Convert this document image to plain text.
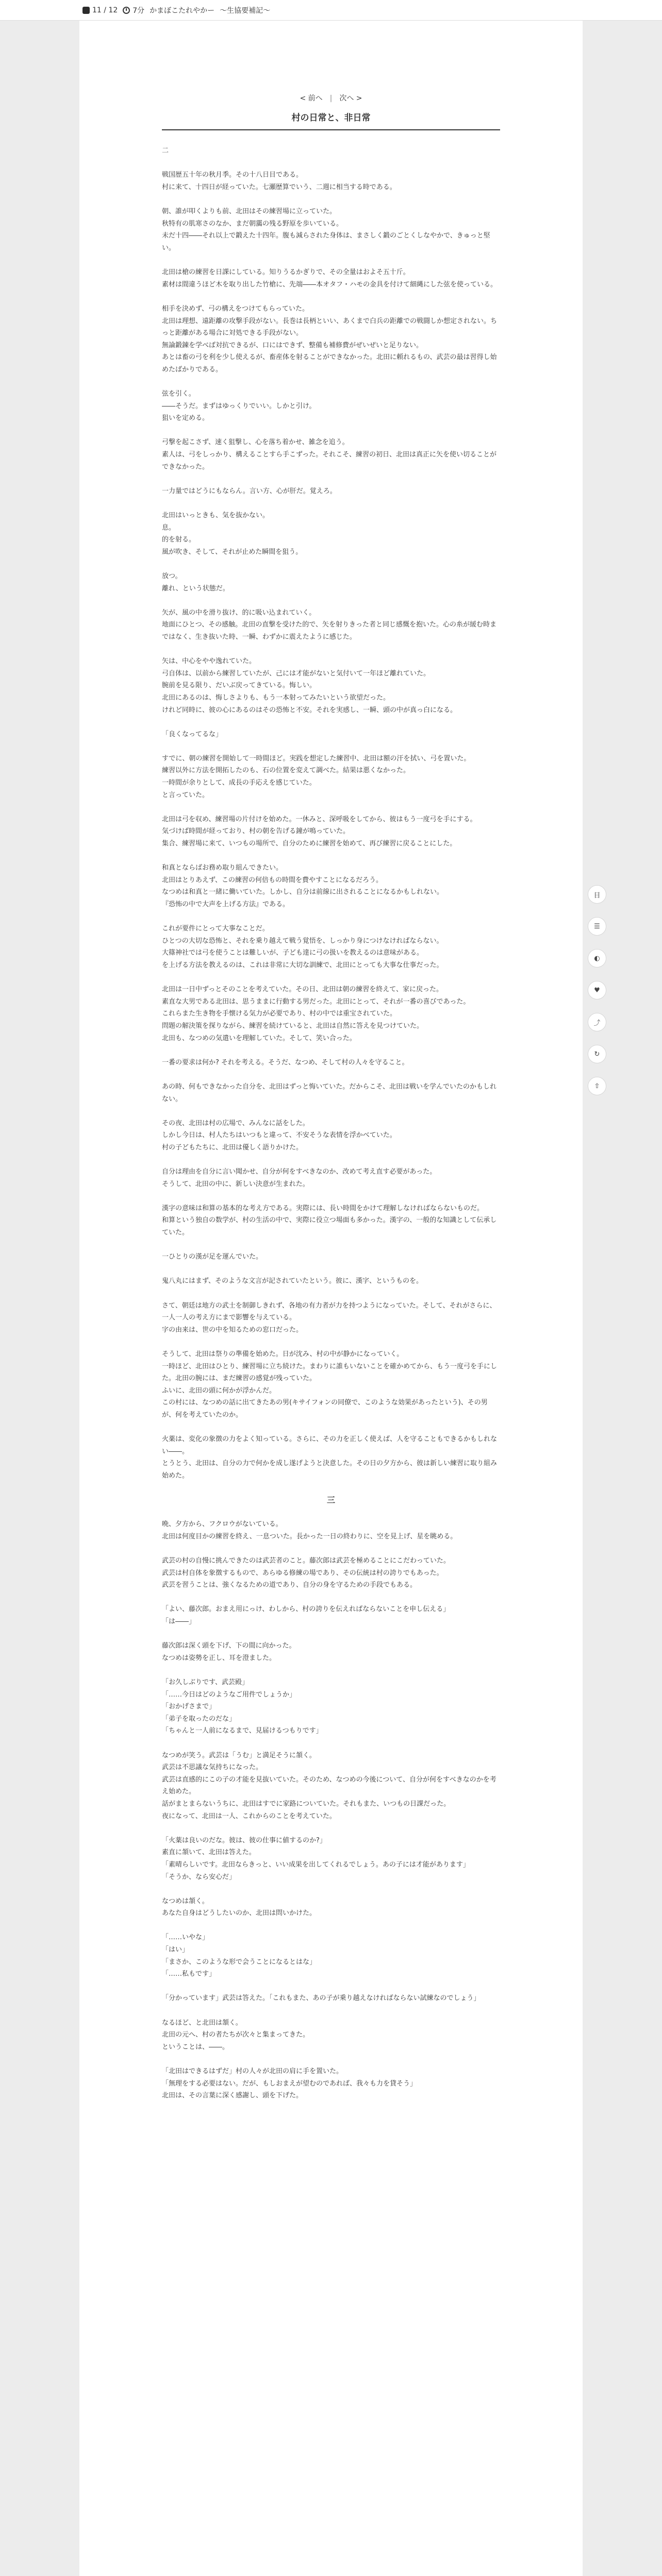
11 / 12 7分 かまぼこたれやかー 〜生協要補記〜
< 前へ | 次へ >
村の日常と、非日常

二

戦国歴五十年の秋月季。その十八日目である。
村に来て、十四日が経っていた。七瀬歴算でいう、二週に相当する時である。

朝、誰が叩くよりも前、北田はその練習場に立っていた。
秋特有の肌寒さのなか、まだ朝靄の残る野原を歩いている。
未だ十四――それ以上で鍛えた十四年。腹も減らされた身体は、まさしく鍛のごとくしなやかで、きゅっと堅い。

北田は槍の練習を日課にしている。知りうるかぎりで、その全量はおよそ五十斤。
素材は間違うほど木を取り出した竹槍に、先端――本オタフ・ハモの金具を付けて細縄にした弦を使っている。

相手を決めず、弓の構えをつけてもらっていた。
北田は理想、遠距離の攻撃手段がない。長巻は長柄といい、あくまで白兵の距離での戦闘しか想定されない。ちっと距離がある場合に対処できる手段がない。
無論鍛錬を学べば対抗できるが、口にはできず、整備も補修費がぜいぜいと足りない。
あとは畜の弓を利を少し使えるが、畜産体を射ることができなかった。北田に頼れるもの、武芸の最は習得し始めたばかりである。

弦を引く。
――そうだ。まずはゆっくりでいい。しかと引け。
狙いを定める。

弓撃を起こさず、速く狙撃し、心を落ち着かせ、雑念を追う。
素人は、弓をしっかり、構えることすら手こずった。それこそ、練習の初日、北田は真正に矢を使い切ることができなかった。

一力量ではどうにもならん。言い方、心が肝だ。覚えろ。

北田はいっときも、気を抜かない。
息。
的を射る。
風が吹き、そして、それが止めた瞬間を狙う。

放つ。
離れ、という状態だ。

矢が、風の中を滑り抜け、的に吸い込まれていく。
地面にひとつ、その感触。北田の直撃を受けた的で、矢を射りきった者と同じ感慨を抱いた。心の糸が緩む時まではなく、生き抜いた時、一瞬、わずかに震えたように感じた。

矢は、中心をやや逸れていた。
弓自体は、以前から練習していたが、己には才能がないと気付いて一年ほど離れていた。
腕前を見る限り、だいぶ戻ってきている。悔しい。
北田にあるのは、悔しさよりも、もう一本射ってみたいという欲望だった。
けれど同時に、彼の心にあるのはその恐怖と不安。それを実感し、一瞬、頭の中が真っ白になる。

「良くなってるな」

すでに、朝の練習を開始して一時間ほど。実践を想定した練習中、北田は額の汗を拭い、弓を置いた。
練習以外に方法を開拓したのも、石の位置を変えて調べた。結果は悪くなかった。
一時間が余りとして、成長の手応えを感じていた。
と言っていた。

北田は弓を収め、練習場の片付けを始めた。一休みと、深呼吸をしてから、彼はもう一度弓を手にする。
気づけば時間が経っており、村の朝を告げる鐘が鳴っていた。
集合、練習場に来て、いつもの場所で、自分のために練習を始めて、再び練習に戻ることにした。

和真とならばお務め取り組んできたい。
北田はとりあえず、この練習の何倍もの時間を費やすことになるだろう。
なつめは和真と一緒に働いていた。しかし、自分は前線に出されることになるかもしれない。
『恐怖の中で大声を上げる方法』である。

これが要件にとって大事なことだ。
ひとつの大切な恐怖と、それを乗り越えて戦う覚悟を、しっかり身につけなければならない。
大篠神社では弓を使うことは難しいが、子ども達に弓の扱いを教えるのは意味がある。
を上げる方法を教えるのは、これは非常に大切な訓練で、北田にとっても大事な仕事だった。

北田は一日中ずっとそのことを考えていた。その日、北田は朝の練習を終えて、家に戻った。
素直な大男である北田は、思うままに行動する男だった。北田にとって、それが一番の喜びであった。
これらまた生き物を手懐ける気力が必要であり、村の中では重宝されていた。
問題の解決策を探りながら、練習を続けていると、北田は自然に答えを見つけていた。
北田も、なつめの気遣いを理解していた。そして、笑い合った。

一番の要求は何か? それを考える。そうだ、なつめ、そして村の人々を守ること。

あの時、何もできなかった自分を、北田はずっと悔いていた。だからこそ、北田は戦いを学んでいたのかもしれない。

その夜、北田は村の広場で、みんなに話をした。
しかし今日は、村人たちはいつもと違って、不安そうな表情を浮かべていた。
村の子どもたちに、北田は優しく語りかけた。

自分は理由を自分に言い聞かせ、自分が何をすべきなのか、改めて考え直す必要があった。
そうして、北田の中に、新しい決意が生まれた。

漢字の意味は和算の基本的な考え方である。実際には、長い時間をかけて理解しなければならないものだ。
和算という独自の数学が、村の生活の中で、実際に役立つ場面も多かった。漢字の、一般的な知識として伝承していた。

一ひとりの漢が足を運んでいた。

鬼八丸にはまず、そのような文言が記されていたという。彼に、漢字、というものを。

さて、朝廷は地方の武士を制御しきれず、各地の有力者が力を持つようになっていた。そして、それがさらに、一人一人の考え方にまで影響を与えている。
字の由来は、世の中を知るための窓口だった。

そうして、北田は祭りの準備を始めた。日が沈み、村の中が静かになっていく。
一時ほど、北田はひとり、練習場に立ち続けた。まわりに誰もいないことを確かめてから、もう一度弓を手にした。北田の腕には、まだ練習の感覚が残っていた。
ふいに、北田の頭に何かが浮かんだ。
この村には、なつめの話に出てきたあの男(キサイフォンの同僚で、このような効果があったという)、その男が、何を考えていたのか。

火薬は、変化の象徴の力をよく知っている。さらに、その力を正しく使えば、人を守ることもできるかもしれない――。
とうとう、北田は、自分の力で何かを成し遂げようと決意した。その日の夕方から、彼は新しい練習に取り組み始めた。

三

晩、夕方から、フクロウがないている。
北田は何度目かの練習を終え、一息ついた。長かった一日の終わりに、空を見上げ、星を眺める。

武芸の村の自慢に挑んできたのは武芸者のこと。藤次郎は武芸を極めることにこだわっていた。
武芸は村自体を象徴するもので、あらゆる修練の場であり、その伝統は村の誇りでもあった。
武芸を習うことは、強くなるための道であり、自分の身を守るための手段でもある。

「よい、藤次郎。おまえ用にっけ、わしから、村の誇りを伝えればならないことを申し伝える」
「は――」

藤次郎は深く頭を下げ、下の間に向かった。
なつめは姿勢を正し、耳を澄ました。

「お久しぶりです、武芸殿」
「……今日はどのようなご用件でしょうか」
「おかげさまで」
「弟子を取ったのだな」
「ちゃんと一人前になるまで、見届けるつもりです」

なつめが笑う。武芸は「うむ」と満足そうに頷く。
武芸は不思議な気持ちになった。
武芸は直感的にこの子の才能を見抜いていた。そのため、なつめの今後について、自分が何をすべきなのかを考え始めた。
話がまとまらないうちに、北田はすでに家路についていた。それもまた、いつもの日課だった。
夜になって、北田は一人、これからのことを考えていた。

「火薬は良いのだな。彼は、彼の仕事に値するのか?」
素直に頷いて、北田は答えた。
「素晴らしいです。北田ならきっと、いい成果を出してくれるでしょう。あの子には才能があります」
「そうか、なら安心だ」

なつめは頷く。
あなた自身はどうしたいのか、北田は問いかけた。

「……いやな」
「はい」
「まさか、このような形で会うことになるとはな」
「……私もです」

「分かっています」武芸は答えた。「これもまた、あの子が乗り越えなければならない試練なのでしょう」

なるほど、と北田は頷く。
北田の元へ、村の者たちが次々と集まってきた。
ということは、――。

「北田はできるはずだ」村の人々が北田の肩に手を置いた。
「無理をする必要はない。だが、もしおまえが望むのであれば、我々も力を貸そう」
北田は、その言葉に深く感謝し、頭を下げた。

目
☰
◐
♥
⤴
↻
⇧
